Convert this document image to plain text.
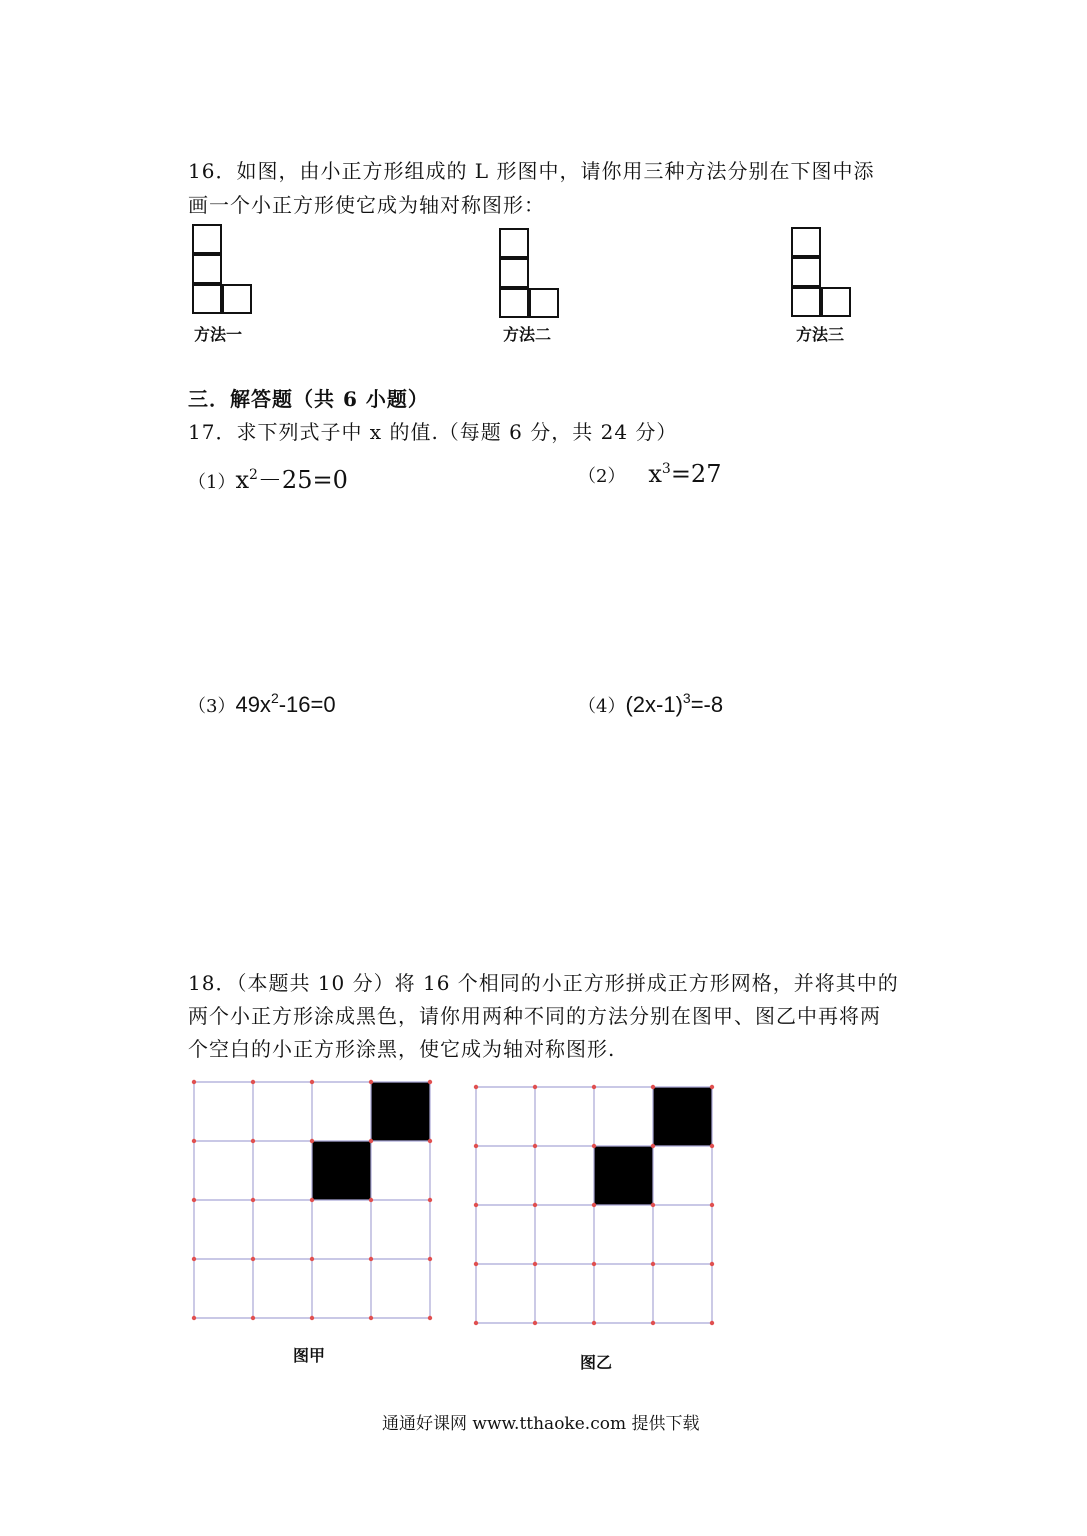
16．如图，由小正方形组成的 L 形图中，请你用三种方法分别在下图中添
画一个小正方形使它成为轴对称图形：
方法一	方法二	方法三
三．解答题（共 6 小题）
17．求下列式子中 x 的值.（每题 6 分，共 24 分）
$(1)x^2-25=0$	（2） $x^3=27$
$(3)49x^2-16=0$	$(4)(2x-1)^3=-8$
18．（本题共 10 分）将 16 个相同的小正方形拼成正方形网格，并将其中的
两个小正方形涂成黑色，请你用两种不同的方法分别在图甲、图乙中再将两
个空白的小正方形涂黑，使它成为轴对称图形.
图甲	图乙
通通好课网 www.tthaoke.com 提供下载
